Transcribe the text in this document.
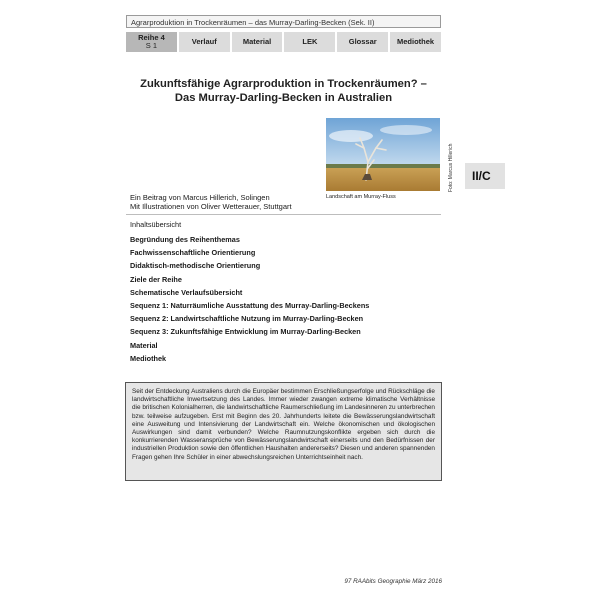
Agrarproduktion in Trockenräumen – das Murray-Darling-Becken (Sek. II)
Reihe 4
S 1	Verlauf	Material	LEK	Glossar	Mediothek
Zukunftsfähige Agrarproduktion in Trockenräumen? –
Das Murray-Darling-Becken in Australien
Landschaft am Murray-Fluss
Foto: Marcus Hillerich	II/C
Ein Beitrag von Marcus Hillerich, Solingen
Mit Illustrationen von Oliver Wetterauer, Stuttgart
Inhaltsübersicht
Begründung des Reihenthemas
Fachwissenschaftliche Orientierung
Didaktisch-methodische Orientierung
Ziele der Reihe
Schematische Verlaufsübersicht
Sequenz 1: Naturräumliche Ausstattung des Murray-Darling-Beckens
Sequenz 2: Landwirtschaftliche Nutzung im Murray-Darling-Becken
Sequenz 3: Zukunftsfähige Entwicklung im Murray-Darling-Becken
Material
Mediothek
Seit der Entdeckung Australiens durch die Europäer bestimmen Erschließungserfolge und Rückschläge die landwirtschaftliche Inwertsetzung des Landes. Immer wieder zwangen extreme klimatische Verhältnisse die britischen Kolonialherren, die landwirtschaftliche Raumerschließung im Landesinneren zu unterbrechen bzw. teilweise aufzugeben. Erst mit Beginn des 20. Jahrhunderts leitete die Bewässerungslandwirtschaft eine Ausweitung und Intensivierung der Landwirtschaft ein. Welche ökonomischen und ökologischen Auswirkungen sind damit verbunden? Welche Raumnutzungskonflikte ergeben sich durch die konkurrierenden Wasseransprüche von Bewässerungslandwirtschaft einerseits und den Bedürfnissen der industriellen Produktion sowie den öffentlichen Haushalten andererseits? Diesen und anderen spannenden Fragen gehen Ihre Schüler in einer abwechslungsreichen Unterrichtseinheit nach.
97 RAAbits Geographie März 2016
